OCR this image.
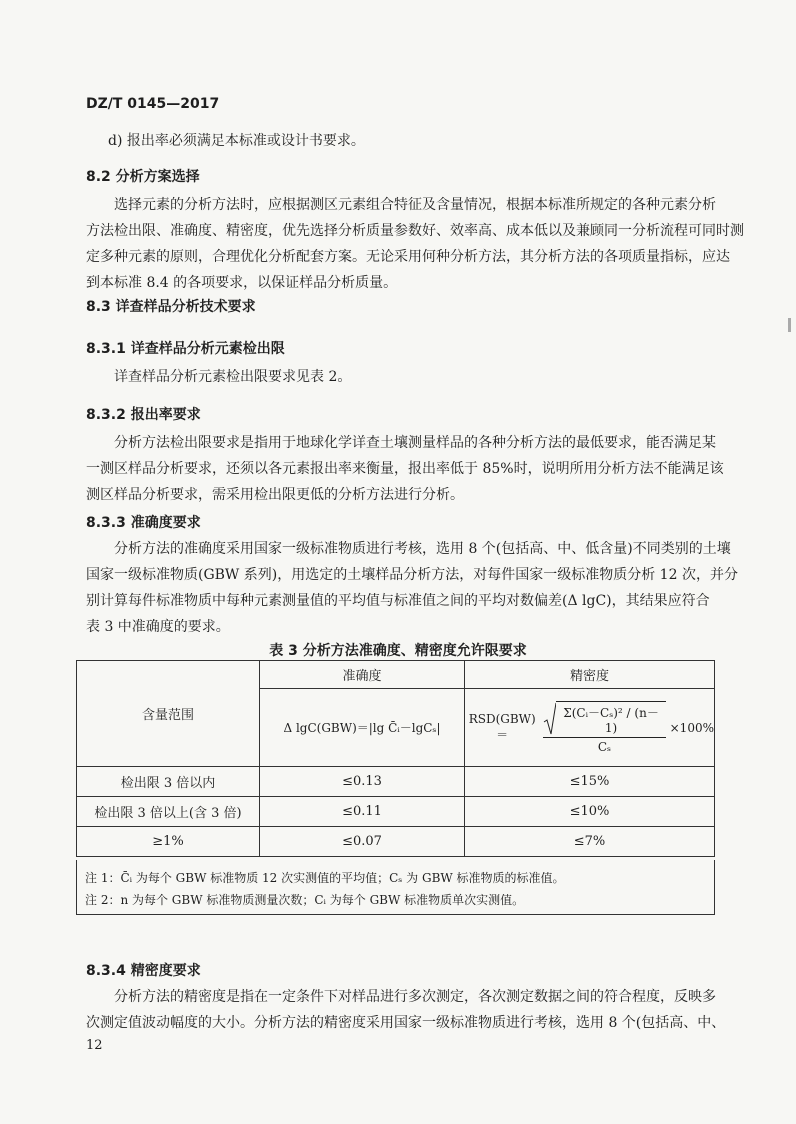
DZ/T 0145—2017
d) 报出率必须满足本标准或设计书要求。
8.2 分析方案选择
选择元素的分析方法时，应根据测区元素组合特征及含量情况，根据本标准所规定的各种元素分析
方法检出限、准确度、精密度，优先选择分析质量参数好、效率高、成本低以及兼顾同一分析流程可同时测
定多种元素的原则，合理优化分析配套方案。无论采用何种分析方法，其分析方法的各项质量指标，应达
到本标准 8.4 的各项要求，以保证样品分析质量。
8.3 详查样品分析技术要求
8.3.1 详查样品分析元素检出限
详查样品分析元素检出限要求见表 2。
8.3.2 报出率要求
分析方法检出限要求是指用于地球化学详查土壤测量样品的各种分析方法的最低要求，能否满足某
一测区样品分析要求，还须以各元素报出率来衡量，报出率低于 85%时，说明所用分析方法不能满足该
测区样品分析要求，需采用检出限更低的分析方法进行分析。
8.3.3 准确度要求
分析方法的准确度采用国家一级标准物质进行考核，选用 8 个(包括高、中、低含量)不同类别的土壤
国家一级标准物质(GBW 系列)，用选定的土壤样品分析方法，对每件国家一级标准物质分析 12 次，并分
别计算每件标准物质中每种元素测量值的平均值与标准值之间的平均对数偏差(Δ lgC)，其结果应符合
表 3 中准确度的要求。
表 3 分析方法准确度、精密度允许限要求
含量范围	准确度	精密度
	Δ lgC(GBW)＝|lg C̄ᵢ－lgCₛ|	$RSD(GBW)= \frac{\text{Σ(Cᵢ－Cₛ)² / (n－1)}}{\text{Cₛ}} \times 100\%$

检出限 3 倍以内	≤0.13	≤15%
检出限 3 倍以上(含 3 倍)	≤0.11	≤10%
≥1%	≤0.07	≤7%
注 1：C̄ᵢ 为每个 GBW 标准物质 12 次实测值的平均值；Cₛ 为 GBW 标准物质的标准值。
注 2：n 为每个 GBW 标准物质测量次数；Cᵢ 为每个 GBW 标准物质单次实测值。
8.3.4 精密度要求
分析方法的精密度是指在一定条件下对样品进行多次测定，各次测定数据之间的符合程度，反映多
次测定值波动幅度的大小。分析方法的精密度采用国家一级标准物质进行考核，选用 8 个(包括高、中、
12
